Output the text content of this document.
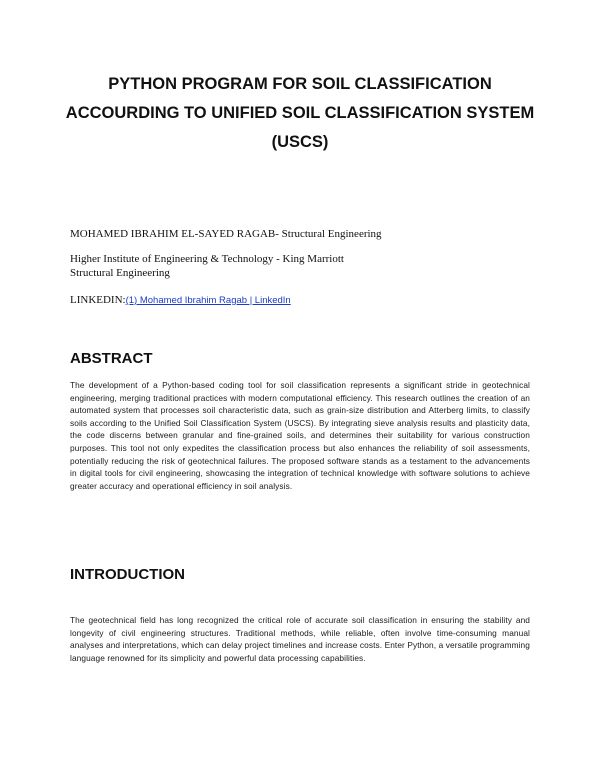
PYTHON PROGRAM FOR SOIL CLASSIFICATION
ACCOURDING TO UNIFIED SOIL CLASSIFICATION SYSTEM
(USCS)
MOHAMED IBRAHIM EL-SAYED RAGAB- Structural Engineering
Higher Institute of Engineering & Technology - King Marriott
Structural Engineering
LINKEDIN:(1) Mohamed Ibrahim Ragab | LinkedIn
ABSTRACT
The development of a Python-based coding tool for soil classification represents a significant stride in geotechnical engineering, merging traditional practices with modern computational efficiency. This research outlines the creation of an automated system that processes soil characteristic data, such as grain-size distribution and Atterberg limits, to classify soils according to the Unified Soil Classification System (USCS). By integrating sieve analysis results and plasticity data, the code discerns between granular and fine-grained soils, and determines their suitability for various construction purposes. This tool not only expedites the classification process but also enhances the reliability of soil assessments, potentially reducing the risk of geotechnical failures. The proposed software stands as a testament to the advancements in digital tools for civil engineering, showcasing the integration of technical knowledge with software solutions to achieve greater accuracy and operational efficiency in soil analysis.
INTRODUCTION
The geotechnical field has long recognized the critical role of accurate soil classification in ensuring the stability and longevity of civil engineering structures. Traditional methods, while reliable, often involve time-consuming manual analyses and interpretations, which can delay project timelines and increase costs. Enter Python, a versatile programming language renowned for its simplicity and powerful data processing capabilities.
